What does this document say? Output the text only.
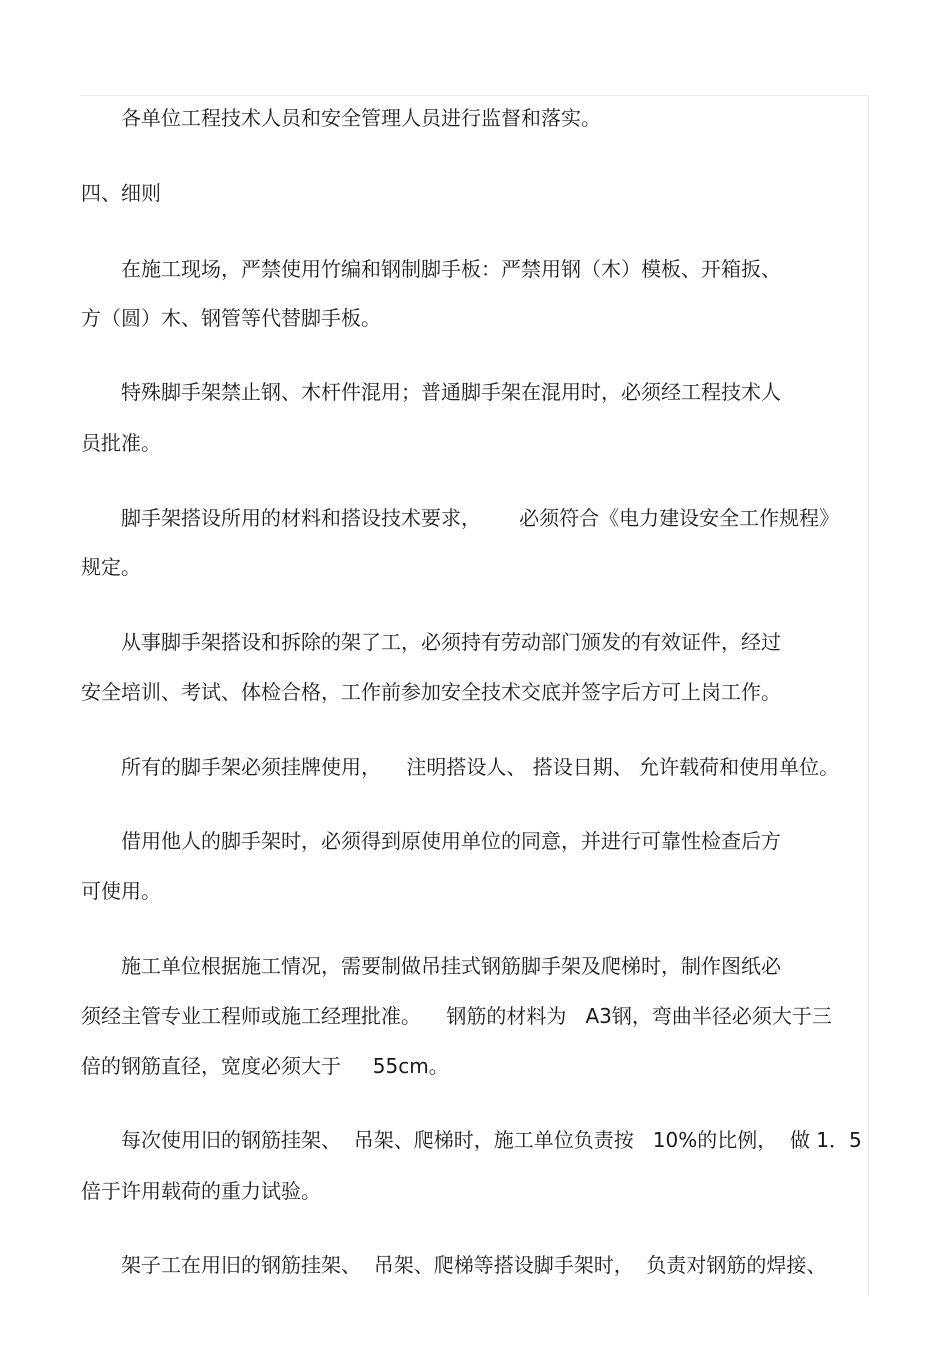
各单位工程技术人员和安全管理人员进行监督和落实。
四、细则
在施工现场，严禁使用竹编和钢制脚手板：严禁用钢（木）模板、开箱扳、
方（圆）木、钢管等代替脚手板。
特殊脚手架禁止钢、木杆件混用；普通脚手架在混用时，必须经工程技术人
员批准。
脚手架搭设所用的材料和搭设技术要求，      必须符合《电力建设安全工作规程》
规定。
从事脚手架搭设和拆除的架了工，必须持有劳动部门颁发的有效证件，经过
安全培训、考试、体检合格，工作前参加安全技术交底并签字后方可上岗工作。
所有的脚手架必须挂牌使用，    注明搭设人、 搭设日期、 允许载荷和使用单位。
借用他人的脚手架时，必须得到原使用单位的同意，并进行可靠性检查后方
可使用。
施工单位根据施工情况，需要制做吊挂式钢筋脚手架及爬梯时，制作图纸必
须经主管专业工程师或施工经理批准。    钢筋的材料为   A3钢，弯曲半径必须大于三
倍的钢筋直径，宽度必须大于     55cm。
每次使用旧的钢筋挂架、  吊架、爬梯时，施工单位负责按   10%的比例，  做 1．5
倍于许用载荷的重力试验。
架子工在用旧的钢筋挂架、  吊架、爬梯等搭设脚手架时，  负责对钢筋的焊接、
